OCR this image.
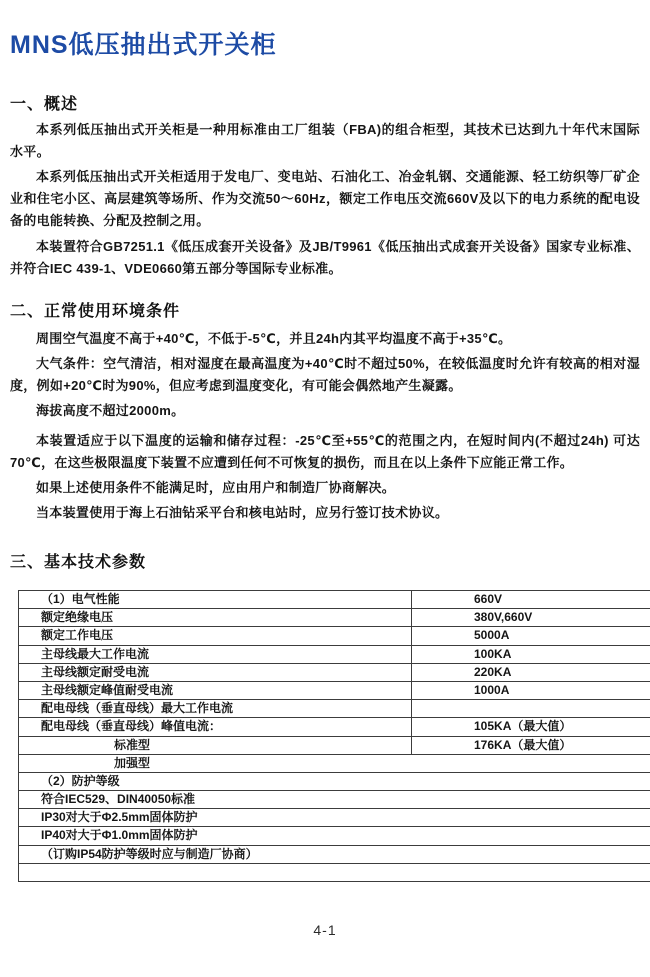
MNS低压抽出式开关柜
一、概述

本系列低压抽出式开关柜是一种用标准由工厂组装（FBA)的组合柜型，其技术已达到九十年代末国际水平。

本系列低压抽出式开关柜适用于发电厂、变电站、石油化工、冶金轧钢、交通能源、轻工纺织等厂矿企业和住宅小区、高层建筑等场所、作为交流50～60Hz，额定工作电压交流660V及以下的电力系统的配电设备的电能转换、分配及控制之用。

本装置符合GB7251.1《低压成套开关设备》及JB/T9961《低压抽出式成套开关设备》国家专业标准、并符合IEC 439-1、VDE0660第五部分等国际专业标准。

二、正常使用环境条件

周围空气温度不高于+40℃，不低于-5℃，并且24h内其平均温度不高于+35℃。

大气条件：空气清洁，相对湿度在最高温度为+40℃时不超过50%，在较低温度时允许有较高的相对湿度，例如+20℃时为90%，但应考虑到温度变化，有可能会偶然地产生凝露。

海拔高度不超过2000m。

本装置适应于以下温度的运输和储存过程：-25℃至+55℃的范围之内，在短时间内(不超过24h) 可达70℃，在这些极限温度下装置不应遭到任何不可恢复的损伤，而且在以上条件下应能正常工作。

如果上述使用条件不能满足时，应由用户和制造厂协商解决。

当本装置使用于海上石油钻采平台和核电站时，应另行签订技术协议。

三、基本技术参数
（1）电气性能	660V
额定绝缘电压	380V,660V
额定工作电压	5000A
主母线最大工作电流	100KA
主母线额定耐受电流	220KA
主母线额定峰值耐受电流	1000A
配电母线（垂直母线）最大工作电流	
配电母线（垂直母线）峰值电流：	105KA（最大值）
标准型	176KA（最大值）
加强型	
（2）防护等级	
符合IEC529、DIN40050标准	
IP30对大于Φ2.5mm固体防护	
IP40对大于Φ1.0mm固体防护	
（订购IP54防护等级时应与制造厂协商）	

4-1
